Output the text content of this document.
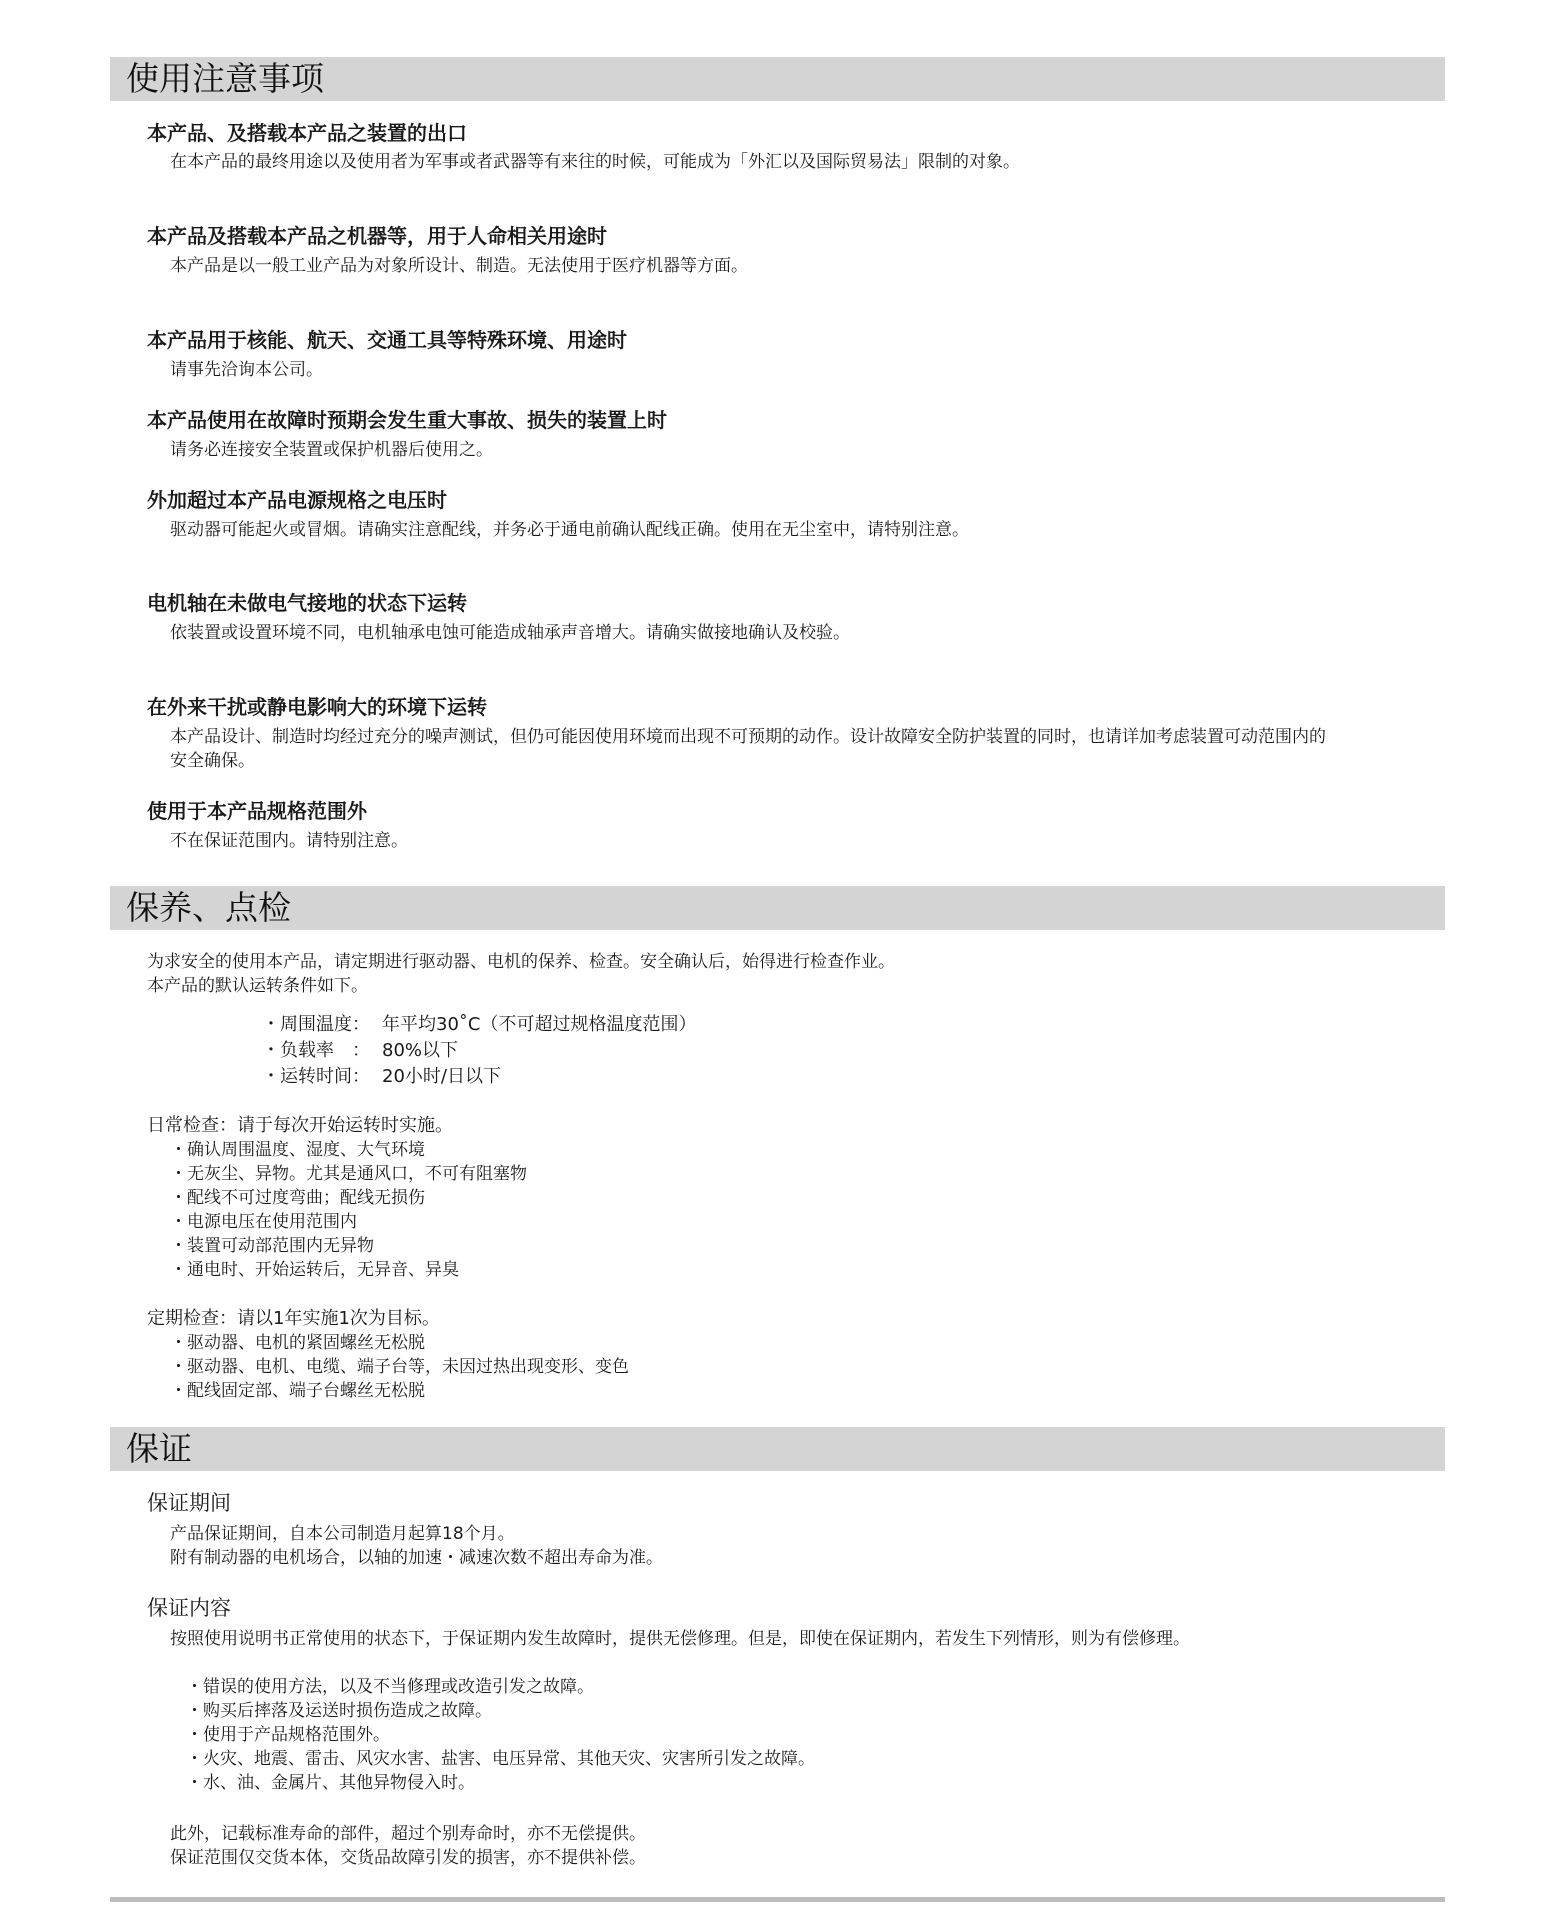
使用注意事项
本产品、及搭载本产品之装置的出口
在本产品的最终用途以及使用者为军事或者武器等有来往的时候，可能成为「外汇以及国际贸易法」限制的对象。
本产品及搭载本产品之机器等，用于人命相关用途时
本产品是以一般工业产品为对象所设计、制造。无法使用于医疗机器等方面。
本产品用于核能、航天、交通工具等特殊环境、用途时
请事先洽询本公司。
本产品使用在故障时预期会发生重大事故、损失的装置上时
请务必连接安全装置或保护机器后使用之。
外加超过本产品电源规格之电压时
驱动器可能起火或冒烟。请确实注意配线，并务必于通电前确认配线正确。使用在无尘室中，请特别注意。
电机轴在未做电气接地的状态下运转
依装置或设置环境不同，电机轴承电蚀可能造成轴承声音增大。请确实做接地确认及校验。
在外来干扰或静电影响大的环境下运转
本产品设计、制造时均经过充分的噪声测试，但仍可能因使用环境而出现不可预期的动作。设计故障安全防护装置的同时，也请详加考虑装置可动范围内的
安全确保。
使用于本产品规格范围外
不在保证范围内。请特别注意。
保养、点检
为求安全的使用本产品，请定期进行驱动器、电机的保养、检查。安全确认后，始得进行检查作业。
本产品的默认运转条件如下。
・周围温度： 年平均30˚C（不可超过规格温度范围）
・负载率　： 80%以下
・运转时间： 20小时/日以下
日常检查：请于每次开始运转时实施。
・ 确认周围温度、湿度、大气环境
・ 无灰尘、异物。尤其是通风口，不可有阻塞物
・ 配线不可过度弯曲；配线无损伤
・ 电源电压在使用范围内
・ 装置可动部范围内无异物
・ 通电时、开始运转后，无异音、异臭
定期检查：请以1年实施1次为目标。
・ 驱动器、电机的紧固螺丝无松脱
・ 驱动器、电机、电缆、端子台等，未因过热出现变形、变色
・ 配线固定部、端子台螺丝无松脱
保证
保证期间
产品保证期间，自本公司制造月起算18个月。
附有制动器的电机场合，以轴的加速・减速次数不超出寿命为准。
保证内容
按照使用说明书正常使用的状态下，于保证期内发生故障时，提供无偿修理。但是，即使在保证期内，若发生下列情形，则为有偿修理。
・ 错误的使用方法，以及不当修理或改造引发之故障。
・ 购买后摔落及运送时损伤造成之故障。
・ 使用于产品规格范围外。
・ 火灾、地震、雷击、风灾水害、盐害、电压异常、其他天灾、灾害所引发之故障。
・ 水、油、金属片、其他异物侵入时。
此外，记载标准寿命的部件，超过个别寿命时，亦不无偿提供。
保证范围仅交货本体，交货品故障引发的损害，亦不提供补偿。
